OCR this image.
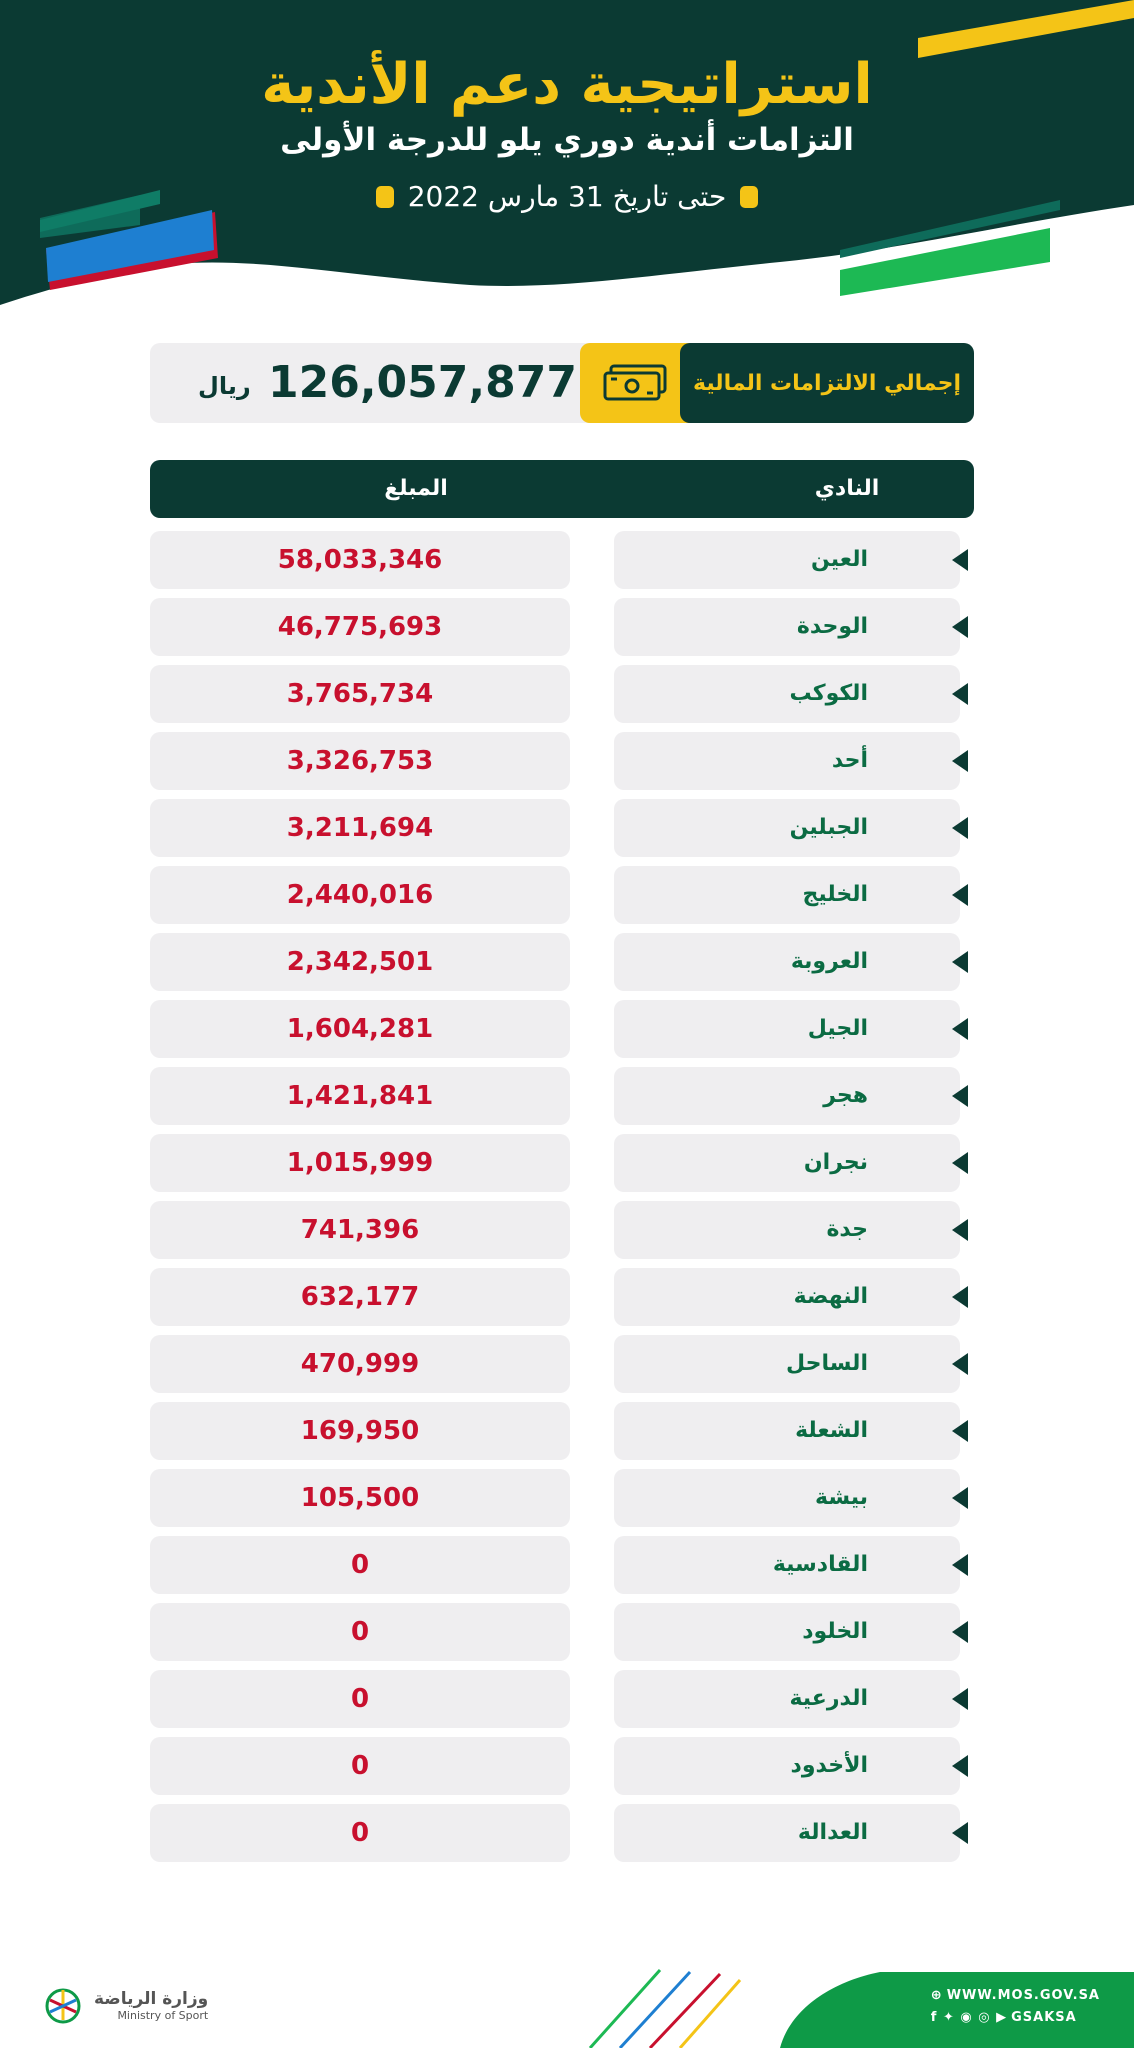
استراتيجية دعم الأندية
التزامات أندية دوري يلو للدرجة الأولى
حتى تاريخ 31 مارس 2022
إجمالي الالتزامات المالية
126,057,877
ريال
المبلغ	النادي
58,033,346	العين
46,775,693	الوحدة
3,765,734	الكوكب
3,326,753	أحد
3,211,694	الجبلين
2,440,016	الخليج
2,342,501	العروبة
1,604,281	الجيل
1,421,841	هجر
1,015,999	نجران
741,396	جدة
632,177	النهضة
470,999	الساحل
169,950	الشعلة
105,500	بيشة
0	القادسية
0	الخلود
0	الدرعية
0	الأخدود
0	العدالة
وزارة الرياضة
Ministry of Sport
⊕ WWW.MOS.GOV.SA
f ✦ ◉ ◎ ▶ GSAKSA
